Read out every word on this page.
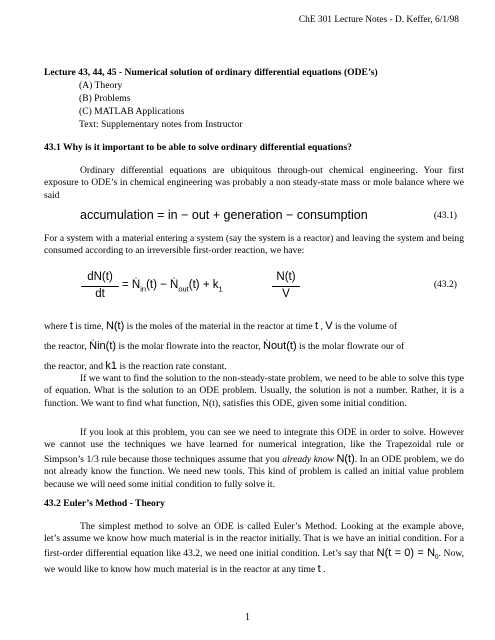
ChE 301 Lecture Notes - D. Keffer, 6/1/98
Lecture 43, 44, 45 - Numerical solution of ordinary differential equations (ODE’s)
(A) Theory
(B) Problems
(C) MATLAB Applications
Text: Supplementary notes from Instructor
43.1 Why is it important to be able to solve ordinary differential equations?

Ordinary differential equations are ubiquitous through-out chemical engineering. Your first exposure to ODE’s in chemical engineering was probably a non steady-state mass or mole balance where we said

accumulation = in − out + generation − consumption	(43.1)

For a system with a material entering a system (say the system is a reactor) and leaving the system and being consumed according to an irreversible first-order reaction, we have:

dN(t)
dt
= Ṅ$_{in}$(t) − Ṅ$_{out}$(t) + $k_1$
N(t)
V
(43.2)
where t is time, N(t) is the moles of the material in the reactor at time t , V is the volume of
the reactor, Ṅin(t) is the molar flowrate into the reactor, Ṅout(t) is the molar flowrate our of
the reactor, and k1 is the reaction rate constant.

If we want to find the solution to the non-steady-state problem, we need to be able to solve this type of equation. What is the solution to an ODE problem. Usually, the solution is not a number. Rather, it is a function. We want to find what function, N(t), satisfies this ODE, given some initial condition.

If you look at this problem, you can see we need to integrate this ODE in order to solve. However we cannot use the techniques we have learned for numerical integration, like the Trapezoidal rule or Simpson’s 1/3 rule because those techniques assume that you already know N(t). In an ODE problem, we do not already know the function. We need new tools. This kind of problem is called an initial value problem because we will need some initial condition to fully solve it.

43.2 Euler’s Method - Theory

The simplest method to solve an ODE is called Euler’s Method. Looking at the example above, let’s assume we know how much material is in the reactor initially. That is we have an initial condition. For a first-order differential equation like 43.2, we need one initial condition. Let’s say that $N(t = 0) = N_0$. Now, we would like to know how much material is in the reactor at any time t .

1
